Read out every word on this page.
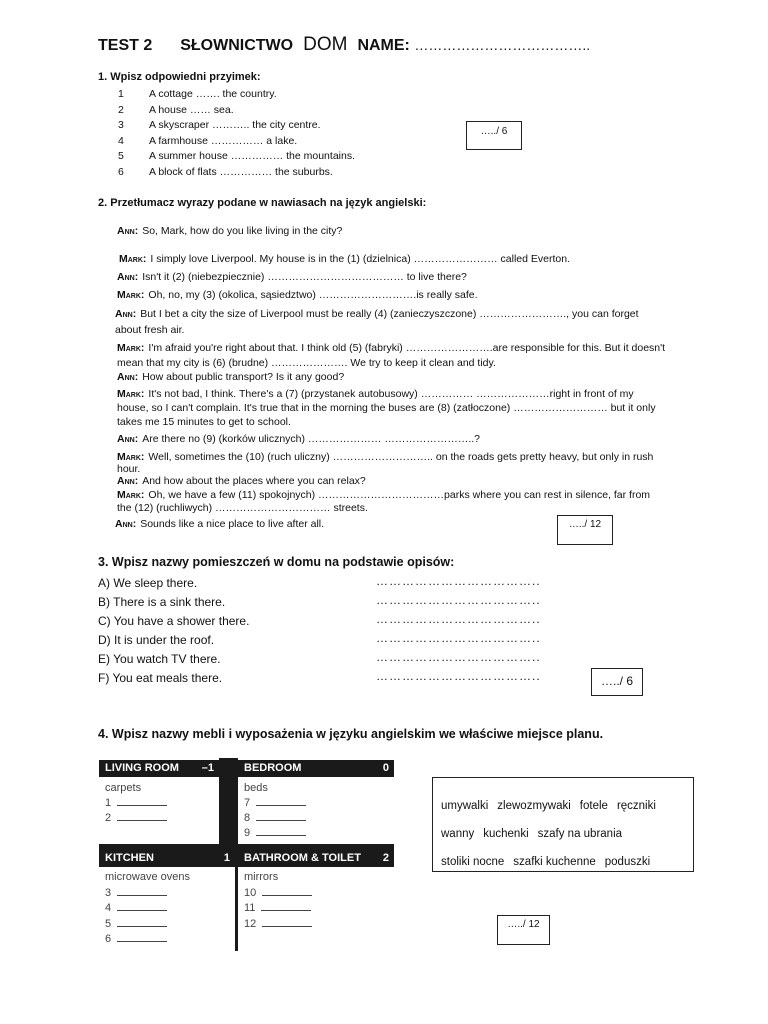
TEST 2 SŁOWNICTWO DOM NAME: ………………………………..
1. Wpisz odpowiedni przyimek:
1 A cottage ……. the country.
2 A house …… sea.
3 A skyscraper ……….. the city centre.
4 A farmhouse …………… a lake.
5 A summer house …………… the mountains.
6 A block of flats …………… the suburbs.
…../ 6
2. Przetłumacz wyrazy podane w nawiasach na język angielski:
Ann: So, Mark, how do you like living in the city?
Mark: I simply love Liverpool. My house is in the (1) (dzielnica) …………………… called Everton.
Ann: Isn't it (2) (niebezpiecznie) ………………………………… to live there?
Mark: Oh, no, my (3) (okolica, sąsiedztwo) ……………………….is really safe.
Ann: But I bet a city the size of Liverpool must be really (4) (zanieczyszczone) ……………………., you can forget about fresh air.
Mark: I'm afraid you're right about that. I think old (5) (fabryki) …………………….are responsible for this. But it doesn't mean that my city is (6) (brudne) …………………. We try to keep it clean and tidy.
Ann: How about public transport? Is it any good?
Mark: It's not bad, I think. There's a (7) (przystanek autobusowy) …………… …………………right in front of my house, so I can't complain. It's true that in the morning the buses are (8) (zatłoczone) ……………………… but it only takes me 15 minutes to get to school.
Ann: Are there no (9) (korków ulicznych) ………………… ……………………..?
Mark: Well, sometimes the (10) (ruch uliczny) ……………………….. on the roads gets pretty heavy, but only in rush hour.
Ann: And how about the places where you can relax?
Mark: Oh, we have a few (11) spokojnych) ………………………………parks where you can rest in silence, far from the (12) (ruchliwych) …………………………… streets.
Ann: Sounds like a nice place to live after all.	…../ 12
3. Wpisz nazwy pomieszczeń w domu na podstawie opisów:
A) We sleep there.	………………………………..
B) There is a sink there.	………………………………..
C) You have a shower there.	………………………………..
D) It is under the roof.	………………………………..
E) You watch TV there.	………………………………..
F) You eat meals there.	………………………………..	…../ 6
4. Wpisz nazwy mebli i wyposażenia w języku angielskim we właściwe miejsce planu.
LIVING ROOM –1
carpets
1
2
BEDROOM	0
beds
7
8
9
KITCHEN	1
microwave ovens
3
4
5
6
BATHROOM & TOILET 2
mirrors
10
11
12
umywalki zlewozmywaki fotele ręczniki
wanny kuchenki szafy na ubrania
stoliki nocne szafki kuchenne poduszki
…../ 12
